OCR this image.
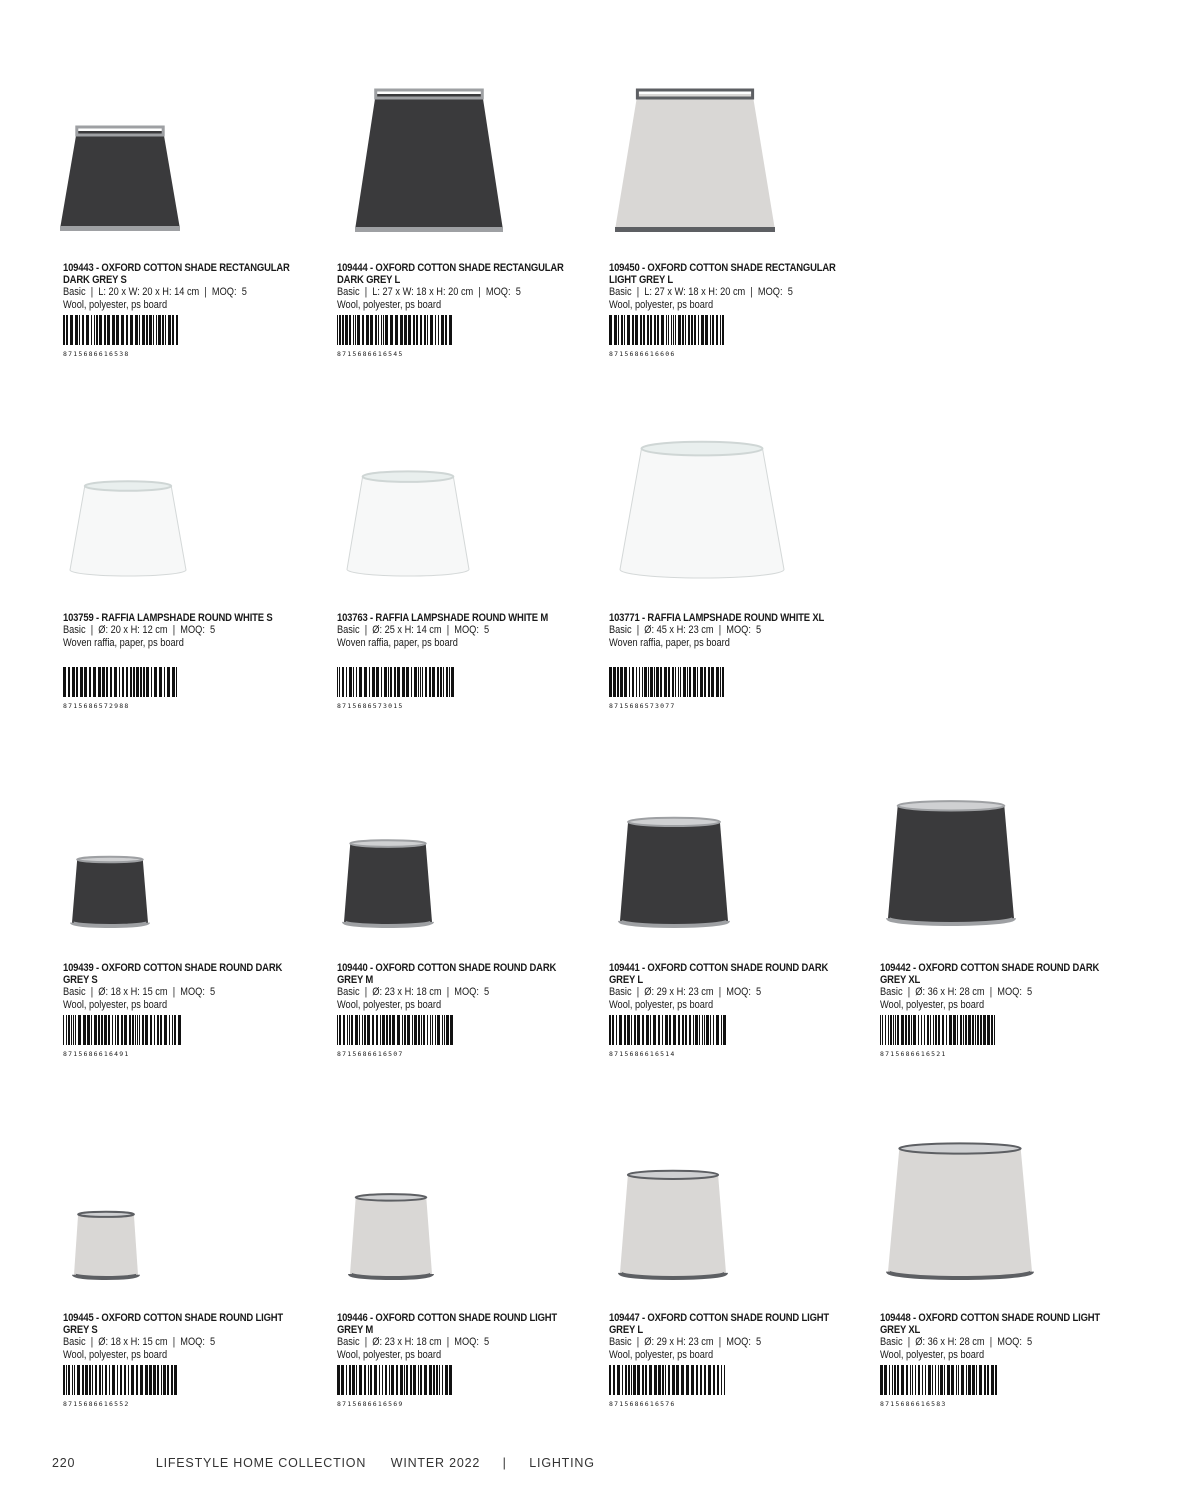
109443 - OXFORD COTTON SHADE RECTANGULAR
DARK GREY S
Basic  |  L: 20 x W: 20 x H: 14 cm  |  MOQ:  5
Wool, polyester, ps board
8715686616538
109444 - OXFORD COTTON SHADE RECTANGULAR
DARK GREY L
Basic  |  L: 27 x W: 18 x H: 20 cm  |  MOQ:  5
Wool, polyester, ps board
8715686616545
109450 - OXFORD COTTON SHADE RECTANGULAR
LIGHT GREY L
Basic  |  L: 27 x W: 18 x H: 20 cm  |  MOQ:  5
Wool, polyester, ps board
8715686616606
103759 - RAFFIA LAMPSHADE ROUND WHITE S
Basic  |  Ø: 20 x H: 12 cm  |  MOQ:  5
Woven raffia, paper, ps board
8715686572988
103763 - RAFFIA LAMPSHADE ROUND WHITE M
Basic  |  Ø: 25 x H: 14 cm  |  MOQ:  5
Woven raffia, paper, ps board
8715686573015
103771 - RAFFIA LAMPSHADE ROUND WHITE XL
Basic  |  Ø: 45 x H: 23 cm  |  MOQ:  5
Woven raffia, paper, ps board
8715686573077
109439 - OXFORD COTTON SHADE ROUND DARK
GREY S
Basic  |  Ø: 18 x H: 15 cm  |  MOQ:  5
Wool, polyester, ps board
8715686616491
109440 - OXFORD COTTON SHADE ROUND DARK
GREY M
Basic  |  Ø: 23 x H: 18 cm  |  MOQ:  5
Wool, polyester, ps board
8715686616507
109441 - OXFORD COTTON SHADE ROUND DARK
GREY L
Basic  |  Ø: 29 x H: 23 cm  |  MOQ:  5
Wool, polyester, ps board
8715686616514
109442 - OXFORD COTTON SHADE ROUND DARK
GREY XL
Basic  |  Ø: 36 x H: 28 cm  |  MOQ:  5
Wool, polyester, ps board
8715686616521
109445 - OXFORD COTTON SHADE ROUND LIGHT
GREY S
Basic  |  Ø: 18 x H: 15 cm  |  MOQ:  5
Wool, polyester, ps board
8715686616552
109446 - OXFORD COTTON SHADE ROUND LIGHT
GREY M
Basic  |  Ø: 23 x H: 18 cm  |  MOQ:  5
Wool, polyester, ps board
8715686616569
109447 - OXFORD COTTON SHADE ROUND LIGHT
GREY L
Basic  |  Ø: 29 x H: 23 cm  |  MOQ:  5
Wool, polyester, ps board
8715686616576
109448 - OXFORD COTTON SHADE ROUND LIGHT
GREY XL
Basic  |  Ø: 36 x H: 28 cm  |  MOQ:  5
Wool, polyester, ps board
8715686616583
220	LIFESTYLE HOME COLLECTION WINTER 2022 | LIGHTING
